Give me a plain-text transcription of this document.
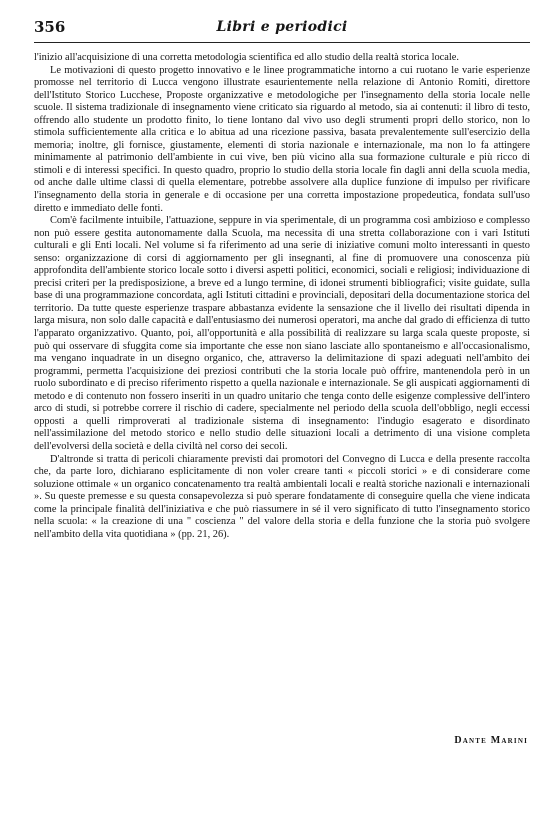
356	Libri e periodici

l'inizio all'acquisizione di una corretta metodologia scientifica ed allo studio della realtà storica locale.

Le motivazioni di questo progetto innovativo e le linee programmatiche intorno a cui ruotano le varie esperienze promosse nel territorio di Lucca vengono illustrate esaurientemente nella relazione di Antonio Romiti, direttore dell'Istituto Storico Lucchese, Proposte organizzative e metodologiche per l'insegnamento della storia locale nelle scuole. Il sistema tradizionale di insegnamento viene criticato sia riguardo al metodo, sia ai contenuti: il libro di testo, offrendo allo studente un prodotto finito, lo tiene lontano dal vivo uso degli strumenti propri dello storico, non lo stimola sufficientemente alla critica e lo abitua ad una ricezione passiva, basata prevalentemente sull'esercizio della memoria; inoltre, gli fornisce, giustamente, elementi di storia nazionale e internazionale, ma non lo fa attingere minimamente al patrimonio dell'ambiente in cui vive, ben più vicino alla sua formazione culturale e più ricco di stimoli e di interessi specifici. In questo quadro, proprio lo studio della storia locale fin dagli anni della scuola media, od anche dalle ultime classi di quella elementare, potrebbe assolvere alla duplice funzione di impulso per rivificare l'insegnamento della storia in generale e di occasione per una corretta impostazione propedeutica, fondata sull'uso diretto e immediato delle fonti.

Com'è facilmente intuibile, l'attuazione, seppure in via sperimentale, di un programma così ambizioso e complesso non può essere gestita autonomamente dalla Scuola, ma necessita di una stretta collaborazione con i vari Istituti culturali e gli Enti locali. Nel volume si fa riferimento ad una serie di iniziative comuni molto interessanti in questo senso: organizzazione di corsi di aggiornamento per gli insegnanti, al fine di promuovere una conoscenza più approfondita dell'ambiente storico locale sotto i diversi aspetti politici, economici, sociali e religiosi; individuazione di precisi criteri per la predisposizione, a breve ed a lungo termine, di idonei strumenti bibliografici; visite guidate, sulla base di una programmazione concordata, agli Istituti cittadini e provinciali, depositari della documentazione storica del territorio. Da tutte queste esperienze traspare abbastanza evidente la sensazione che il livello dei risultati dipenda in larga misura, non solo dalle capacità e dall'entusiasmo dei numerosi operatori, ma anche dal grado di efficienza di tutto l'apparato organizzativo. Quanto, poi, all'opportunità e alla possibilità di realizzare su larga scala queste proposte, si può qui osservare di sfuggita come sia importante che esse non siano lasciate allo spontaneismo e all'occasionalismo, ma vengano inquadrate in un disegno organico, che, attraverso la delimitazione di spazi adeguati nell'ambito dei programmi, permetta l'acquisizione dei preziosi contributi che la storia locale può offrire, mantenendola però in un ruolo subordinato e di preciso riferimento rispetto a quella nazionale e internazionale. Se gli auspicati aggiornamenti di metodo e di contenuto non fossero inseriti in un quadro unitario che tenga conto delle esigenze complessive dell'intero arco di studi, si potrebbe correre il rischio di cadere, specialmente nel periodo della scuola dell'obbligo, negli eccessi opposti a quelli rimproverati al tradizionale sistema di insegnamento: l'indugio esagerato e disordinato nell'assimilazione del metodo storico e nello studio delle situazioni locali a detrimento di una visione completa dell'evolversi della società e della civiltà nel corso dei secoli.

D'altronde si tratta di pericoli chiaramente previsti dai promotori del Convegno di Lucca e della presente raccolta che, da parte loro, dichiarano esplicitamente di non voler creare tanti « piccoli storici » e di considerare come soluzione ottimale « un organico concatenamento tra realtà ambientali locali e realtà storiche nazionali e internazionali ». Su queste premesse e su questa consapevolezza si può sperare fondatamente di conseguire quella che viene indicata come la principale finalità dell'iniziativa e che può riassumere in sé il vero significato di tutto l'insegnamento storico nella scuola: « la creazione di una " coscienza " del valore della storia e della funzione che la storia può svolgere nell'ambito della vita quotidiana » (pp. 21, 26).

Dante Marini
